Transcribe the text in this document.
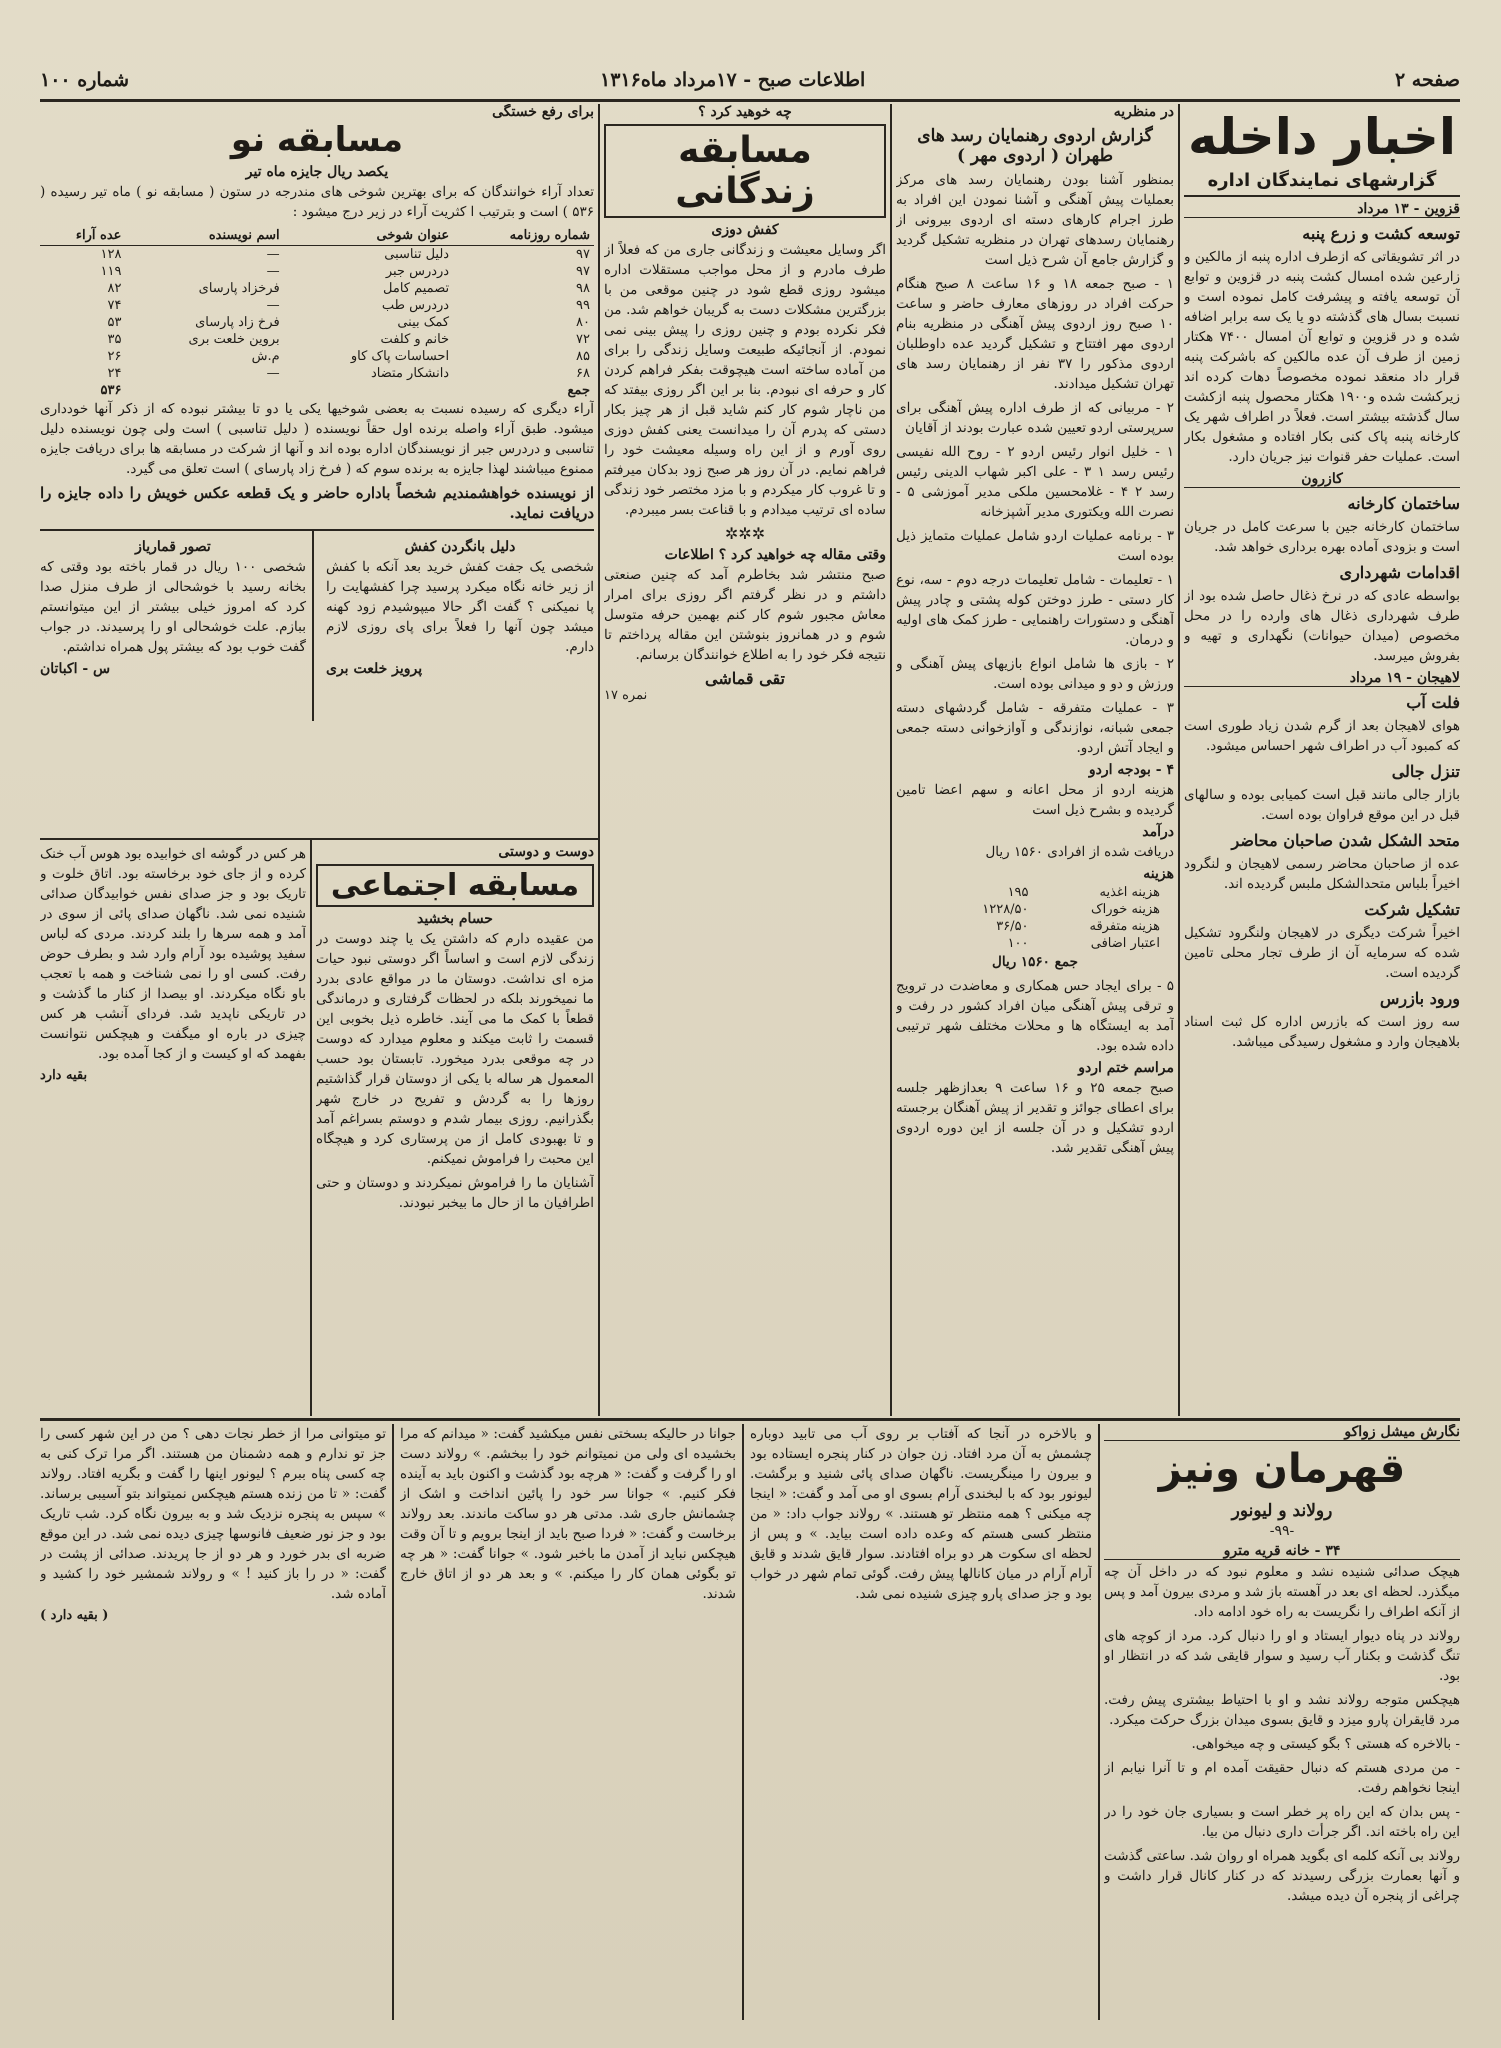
صفحه ۲
اطلاعات صبح - ۱۷مرداد ماه۱۳۱۶
شماره ۱۰۰
اخبار داخله
گزارشهای نمایندگان اداره
قزوین - ۱۳ مرداد
توسعه کشت و زرع پنبه

در اثر تشویقاتی که ازطرف اداره پنبه از مالکین و زارعین شده امسال کشت پنبه در قزوین و توابع آن توسعه یافته و پیشرفت کامل نموده است و نسبت بسال های گذشته دو یا یک سه برابر اضافه شده و در قزوین و توابع آن امسال ۷۴۰۰ هکتار زمین از طرف آن عده مالکین که باشرکت پنبه قرار داد منعقد نموده مخصوصاً دهات کرده اند زیرکشت شده و۱۹۰۰ هکتار محصول پنبه ازکشت سال گذشته بیشتر است. فعلاً در اطراف شهر یک کارخانه پنبه پاک کنی بکار افتاده و مشغول بکار است. عملیات حفر قنوات نیز جریان دارد.

کازرون
ساختمان کارخانه

ساختمان کارخانه جین با سرعت کامل در جریان است و بزودی آماده بهره برداری خواهد شد.

اقدامات شهرداری

بواسطه عادی که در نرخ ذغال حاصل شده بود از طرف شهرداری ذغال های وارده را در محل مخصوص (میدان حیوانات) نگهداری و تهیه و بفروش میرسد.

لاهیجان - ۱۹ مرداد
فلت آب

هوای لاهیجان بعد از گرم شدن زیاد طوری است که کمبود آب در اطراف شهر احساس میشود.

تنزل جالی

بازار جالی مانند قبل است کمیابی بوده و سالهای قبل در این موقع فراوان بوده است.

متحد الشکل شدن صاحبان محاضر

عده از صاحبان محاضر رسمی لاهیجان و لنگرود اخیراً بلباس متحدالشکل ملبس گردیده اند.

تشکیل شرکت

اخیراً شرکت دیگری در لاهیجان ولنگرود تشکیل شده که سرمایه آن از طرف تجار محلی تامین گردیده است.

ورود بازرس

سه روز است که بازرس اداره کل ثبت اسناد بلاهیجان وارد و مشغول رسیدگی میباشد.

در منظریه
گزارش اردوی رهنمایان رسد های طهران ( اردوی مهر )

بمنظور آشنا بودن رهنمایان رسد های مرکز بعملیات پیش آهنگی و آشنا نمودن این افراد به طرز اجرام کارهای دسته ای اردوی بیرونی از رهنمایان رسدهای تهران در منظریه تشکیل گردید و گزارش جامع آن شرح ذیل است

۱ - صبح جمعه ۱۸ و ۱۶ ساعت ۸ صبح هنگام حرکت افراد در روزهای معارف حاضر و ساعت ۱۰ صبح روز اردوی پیش آهنگی در منظریه بنام اردوی مهر افتتاح و تشکیل گردید عده داوطلبان اردوی مذکور را ۳۷ نفر از رهنمایان رسد های تهران تشکیل میدادند.

۲ - مربیانی که از طرف اداره پیش آهنگی برای سرپرستی اردو تعیین شده عبارت بودند از آقایان

۱ - خلیل انوار رئیس اردو ۲ - روح الله نفیسی رئیس رسد ۱ ۳ - علی اکبر شهاب الدینی رئیس رسد ۲ ۴ - غلامحسین ملکی مدیر آموزشی ۵ - نصرت الله ویکتوری مدیر آشپزخانه

۳ - برنامه عملیات اردو شامل عملیات متمایز ذیل بوده است

۱ - تعلیمات - شامل تعلیمات درجه دوم - سه، نوع کار دستی - طرز دوختن کوله پشتی و چادر پیش آهنگی و دستورات راهنمایی - طرز کمک های اولیه و درمان.

۲ - بازی ها شامل انواع بازیهای پیش آهنگی و ورزش و دو و میدانی بوده است.

۳ - عملیات متفرقه - شامل گردشهای دسته جمعی شبانه، نوازندگی و آوازخوانی دسته جمعی و ایجاد آتش اردو.

۴ - بودجه اردو

هزینه اردو از محل اعانه و سهم اعضا تامین گردیده و بشرح ذیل است

درآمد

دریافت شده از افرادی ۱۵۶۰ ریال

هزینه
هزینه اغذیه	۱۹۵
هزینه خوراک	۱۲۲۸/۵۰
هزینه متفرقه	۳۶/۵۰
اعتبار اضافی	۱۰۰

جمع ۱۵۶۰ ریال

۵ - برای ایجاد حس همکاری و معاضدت در ترویج و ترقی پیش آهنگی میان افراد کشور در رفت و آمد به ایستگاه ها و محلات مختلف شهر ترتیبی داده شده بود.

مراسم ختم اردو

صبح جمعه ۲۵ و ۱۶ ساعت ۹ بعدازظهر جلسه برای اعطای جوائز و تقدیر از پیش آهنگان برجسته اردو تشکیل و در آن جلسه از این دوره اردوی پیش آهنگی تقدیر شد.

چه خوهید کرد ؟
مسابقه زندگانی
کفش دوزی

اگر وسایل معیشت و زندگانی جاری من که فعلاً از طرف مادرم و از محل مواجب مستقلات اداره میشود روزی قطع شود در چنین موقعی من با بزرگترین مشکلات دست به گریبان خواهم شد. من فکر نکرده بودم و چنین روزی را پیش بینی نمی نمودم. از آنجائیکه طبیعت وسایل زندگی را برای من آماده ساخته است هیچوقت بفکر فراهم کردن کار و حرفه ای نبودم. بنا بر این اگر روزی بیفتد که من ناچار شوم کار کنم شاید قبل از هر چیز بکار دستی که پدرم آن را میدانست یعنی کفش دوزی روی آورم و از این راه وسیله معیشت خود را فراهم نمایم. در آن روز هر صبح زود بدکان میرفتم و تا غروب کار میکردم و با مزد مختصر خود زندگی ساده ای ترتیب میدادم و با قناعت بسر میبردم.

✲✲✲
وقتی مقاله چه خواهید کرد ؟ اطلاعات

صبح منتشر شد بخاطرم آمد که چنین صنعتی داشتم و در نظر گرفتم اگر روزی برای امرار معاش مجبور شوم کار کنم بهمین حرفه متوسل شوم و در همانروز بنوشتن این مقاله پرداختم تا نتیجه فکر خود را به اطلاع خوانندگان برسانم.

تقی قماشی
نمره ۱۷
برای رفع خستگی
مسابقه نو
یکصد ریال جایزه ماه تیر

تعداد آراء خوانندگان که برای بهترین شوخی های مندرجه در ستون ( مسابقه نو ) ماه تیر رسیده ( ۵۳۶ ) است و بترتیب ا کثریت آراء در زیر درج میشود :

شماره روزنامه	عنوان شوخی	اسم نویسنده	عده آراء
۹۷	دلیل تناسبی	—	۱۲۸
۹۷	دردرس جبر	—	۱۱۹
۹۸	تصمیم کامل	فرخزاد پارسای	۸۲
۹۹	دردرس طب	—	۷۴
۸۰	کمک بینی	فرخ زاد پارسای	۵۳
۷۲	خانم و کلفت	بروین خلعت بری	۳۵
۸۵	احساسات پاک کاو	م.ش	۲۶
۶۸	دانشکار متضاد	—	۲۴
جمع			۵۳۶

آراء دیگری که رسیده نسبت به بعضی شوخیها یکی یا دو تا بیشتر نبوده که از ذکر آنها خودداری میشود. طبق آراء واصله برنده اول حقاً نویسنده ( دلیل تناسبی ) است ولی چون نویسنده دلیل تناسبی و دردرس جبر از نویسندگان اداره بوده اند و آنها از شرکت در مسابقه ها برای دریافت جایزه ممنوع میباشند لهذا جایزه به برنده سوم که ( فرخ زاد پارسای ) است تعلق می گیرد.

از نویسنده خواهشمندیم شخصاً باداره حاضر و یک قطعه عکس خویش را داده جایزه را دریافت نماید.

دلیل بانگردن کفش

شخصی یک جفت کفش خرید بعد آنکه با کفش از زیر خانه نگاه میکرد پرسید چرا کفشهایت را پا نمیکنی ؟ گفت اگر حالا میپوشیدم زود کهنه میشد چون آنها را فعلاً برای پای روزی لازم دارم.

پرویز خلعت بری
تصور قماریاز

شخصی ۱۰۰ ریال در قمار باخته بود وقتی که بخانه رسید با خوشحالی از طرف منزل صدا کرد که امروز خیلی بیشتر از این میتوانستم ببازم. علت خوشحالی او را پرسیدند. در جواب گفت خوب بود که بیشتر پول همراه نداشتم.

س - اکباتان
دوست و دوستی
مسابقه اجتماعی
حسام بخشید

من عقیده دارم که داشتن یک یا چند دوست در زندگی لازم است و اساساً اگر دوستی نبود حیات مزه ای نداشت. دوستان ما در مواقع عادی بدرد ما نمیخورند بلکه در لحظات گرفتاری و درماندگی قطعاً با کمک ما می آیند. خاطره ذیل بخوبی این قسمت را ثابت میکند و معلوم میدارد که دوست در چه موقعی بدرد میخورد. تابستان بود حسب المعمول هر ساله با یکی از دوستان قرار گذاشتیم روزها را به گردش و تفریح در خارج شهر بگذرانیم. روزی بیمار شدم و دوستم بسراغم آمد و تا بهبودی کامل از من پرستاری کرد و هیچگاه این محبت را فراموش نمیکنم.

آشنایان ما را فراموش نمیکردند و دوستان و حتی اطرافیان ما از حال ما بیخبر نبودند.

هر کس در گوشه ای خوابیده بود هوس آب خنک کرده و از جای خود برخاسته بود. اتاق خلوت و تاریک بود و جز صدای نفس خوابیدگان صدائی شنیده نمی شد. ناگهان صدای پائی از سوی در آمد و همه سرها را بلند کردند. مردی که لباس سفید پوشیده بود آرام وارد شد و بطرف حوض رفت. کسی او را نمی شناخت و همه با تعجب باو نگاه میکردند. او بیصدا از کنار ما گذشت و در تاریکی ناپدید شد. فردای آنشب هر کس چیزی در باره او میگفت و هیچکس نتوانست بفهمد که او کیست و از کجا آمده بود.

بقیه دارد
نگارش میشل زواکو
قهرمان ونیز
رولاند و لیونور
-۹۹-
۳۴ - خانه قریه مترو

هیچک صدائی شنیده نشد و معلوم نبود که در داخل آن چه میگذرد. لحظه ای بعد در آهسته باز شد و مردی بیرون آمد و پس از آنکه اطراف را نگریست به راه خود ادامه داد.

رولاند در پناه دیوار ایستاد و او را دنبال کرد. مرد از کوچه های تنگ گذشت و بکنار آب رسید و سوار قایقی شد که در انتظار او بود.

هیچکس متوجه رولاند نشد و او با احتیاط بیشتری پیش رفت. مرد قایقران پارو میزد و قایق بسوی میدان بزرگ حرکت میکرد.

- بالاخره که هستی ؟ بگو کیستی و چه میخواهی.

- من مردی هستم که دنبال حقیقت آمده ام و تا آنرا نیابم از اینجا نخواهم رفت.

- پس بدان که این راه پر خطر است و بسیاری جان خود را در این راه باخته اند. اگر جرأت داری دنبال من بیا.

رولاند بی آنکه کلمه ای بگوید همراه او روان شد. ساعتی گذشت و آنها بعمارت بزرگی رسیدند که در کنار کانال قرار داشت و چراغی از پنجره آن دیده میشد.

و بالاخره در آنجا که آفتاب بر روی آب می تابید دوباره چشمش به آن مرد افتاد. زن جوان در کنار پنجره ایستاده بود و بیرون را مینگریست. ناگهان صدای پائی شنید و برگشت. لیونور بود که با لبخندی آرام بسوی او می آمد و گفت: « اینجا چه میکنی ؟ همه منتظر تو هستند. » رولاند جواب داد: « من منتظر کسی هستم که وعده داده است بیاید. » و پس از لحظه ای سکوت هر دو براه افتادند. سوار قایق شدند و قایق آرام آرام در میان کانالها پیش رفت. گوئی تمام شهر در خواب بود و جز صدای پارو چیزی شنیده نمی شد.

جوانا در حالیکه بسختی نفس میکشید گفت: « میدانم که مرا بخشیده ای ولی من نمیتوانم خود را ببخشم. » رولاند دست او را گرفت و گفت: « هرچه بود گذشت و اکنون باید به آینده فکر کنیم. » جوانا سر خود را پائین انداخت و اشک از چشمانش جاری شد. مدتی هر دو ساکت ماندند. بعد رولاند برخاست و گفت: « فردا صبح باید از اینجا برویم و تا آن وقت هیچکس نباید از آمدن ما باخبر شود. » جوانا گفت: « هر چه تو بگوئی همان کار را میکنم. » و بعد هر دو از اتاق خارج شدند.

تو میتوانی مرا از خطر نجات دهی ؟ من در این شهر کسی را جز تو ندارم و همه دشمنان من هستند. اگر مرا ترک کنی به چه کسی پناه ببرم ؟ لیونور اینها را گفت و بگریه افتاد. رولاند گفت: « تا من زنده هستم هیچکس نمیتواند بتو آسیبی برساند. » سپس به پنجره نزدیک شد و به بیرون نگاه کرد. شب تاریک بود و جز نور ضعیف فانوسها چیزی دیده نمی شد. در این موقع ضربه ای بدر خورد و هر دو از جا پریدند. صدائی از پشت در گفت: « در را باز کنید ! » و رولاند شمشیر خود را کشید و آماده شد.

( بقیه دارد )
